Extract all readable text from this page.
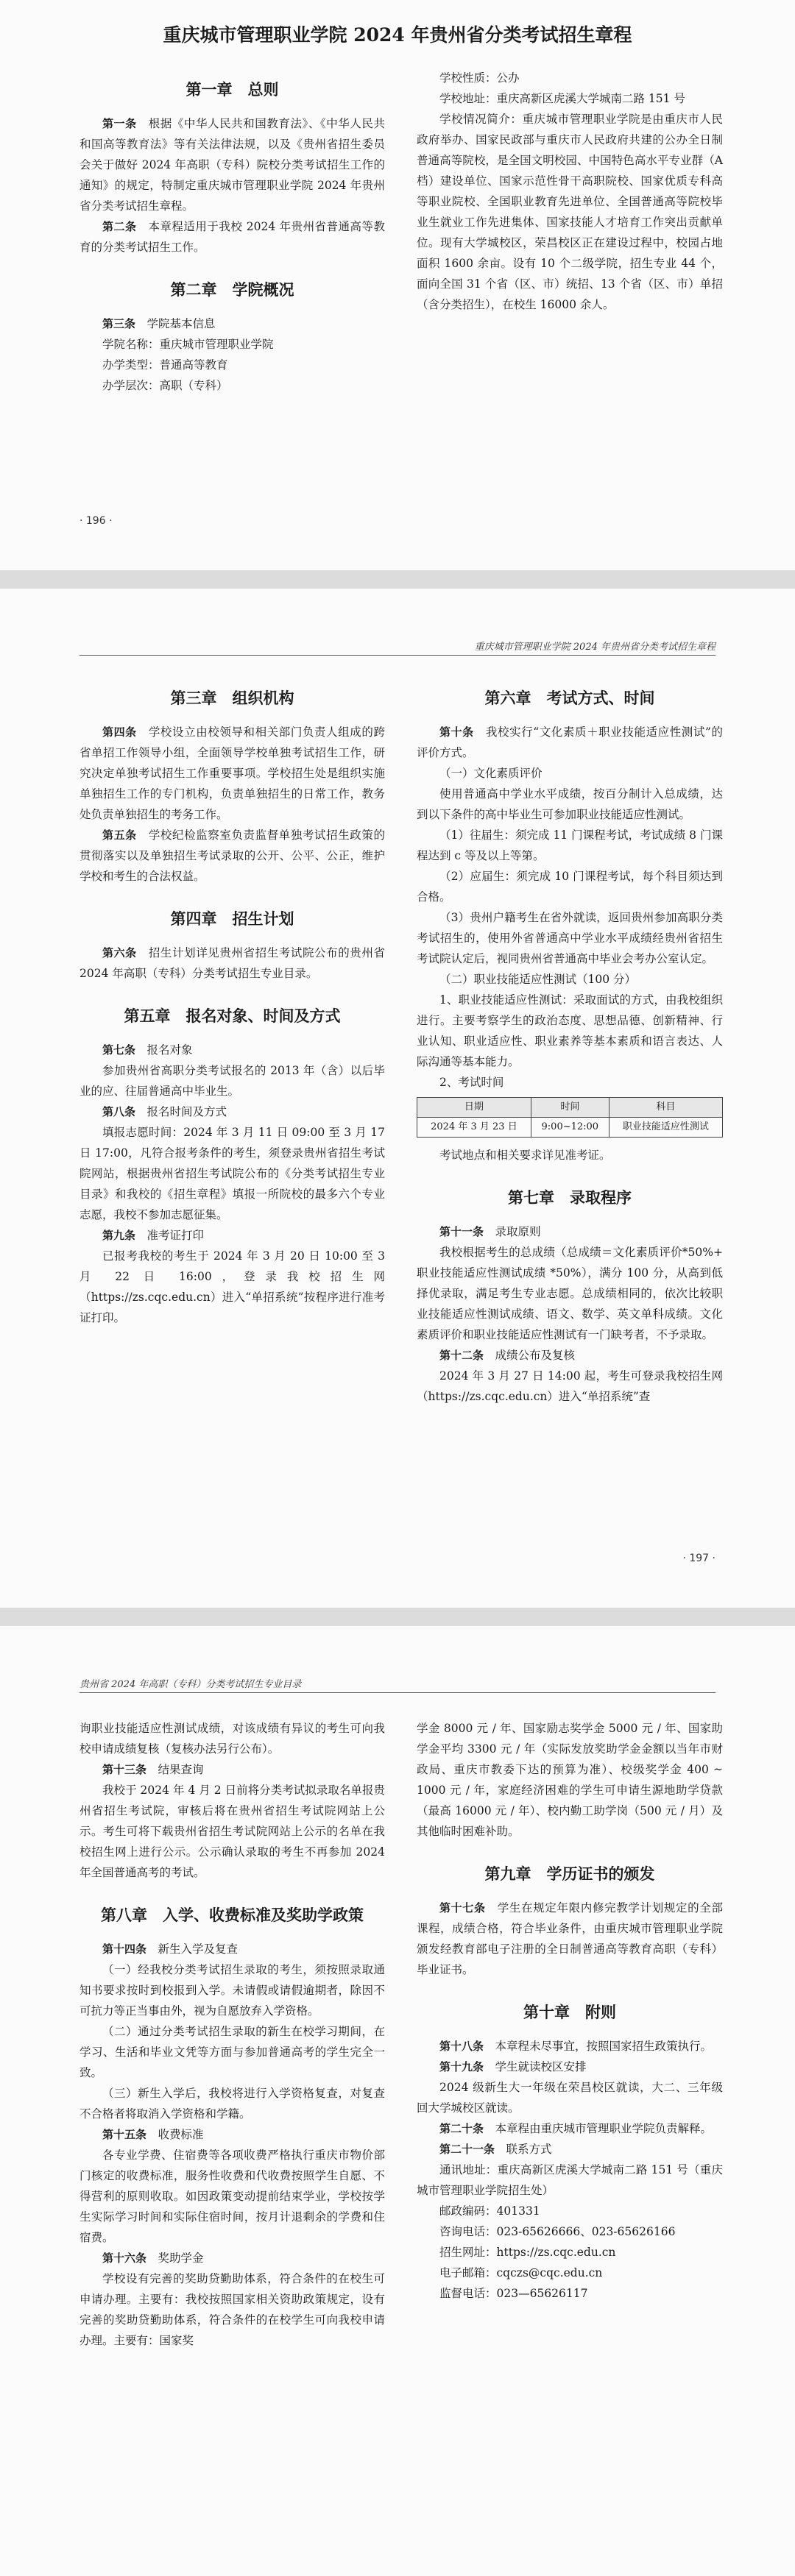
重庆城市管理职业学院 2024 年贵州省分类考试招生章程
第一章　总则

第一条　根据《中华人民共和国教育法》、《中华人民共和国高等教育法》等有关法律法规，以及《贵州省招生委员会关于做好 2024 年高职（专科）院校分类考试招生工作的通知》的规定，特制定重庆城市管理职业学院 2024 年贵州省分类考试招生章程。

第二条　本章程适用于我校 2024 年贵州省普通高等教育的分类考试招生工作。

第二章　学院概况

第三条　学院基本信息

学院名称：重庆城市管理职业学院

办学类型：普通高等教育

办学层次：高职（专科）

学校性质：公办

学校地址：重庆高新区虎溪大学城南二路 151 号

学校情况简介：重庆城市管理职业学院是由重庆市人民政府举办、国家民政部与重庆市人民政府共建的公办全日制普通高等院校，是全国文明校园、中国特色高水平专业群（A 档）建设单位、国家示范性骨干高职院校、国家优质专科高等职业院校、全国职业教育先进单位、全国普通高等院校毕业生就业工作先进集体、国家技能人才培育工作突出贡献单位。现有大学城校区，荣昌校区正在建设过程中，校园占地面积 1600 余亩。设有 10 个二级学院，招生专业 44 个，面向全国 31 个省（区、市）统招、13 个省（区、市）单招（含分类招生），在校生 16000 余人。

· 196 ·
重庆城市管理职业学院 2024 年贵州省分类考试招生章程
第三章　组织机构

第四条　学校设立由校领导和相关部门负责人组成的跨省单招工作领导小组，全面领导学校单独考试招生工作，研究决定单独考试招生工作重要事项。学校招生处是组织实施单独招生工作的专门机构，负责单独招生的日常工作，教务处负责单独招生的考务工作。

第五条　学校纪检监察室负责监督单独考试招生政策的贯彻落实以及单独招生考试录取的公开、公平、公正，维护学校和考生的合法权益。

第四章　招生计划

第六条　招生计划详见贵州省招生考试院公布的贵州省 2024 年高职（专科）分类考试招生专业目录。

第五章　报名对象、时间及方式

第七条　报名对象

参加贵州省高职分类考试报名的 2013 年（含）以后毕业的应、往届普通高中毕业生。

第八条　报名时间及方式

填报志愿时间：2024 年 3 月 11 日 09:00 至 3 月 17 日 17:00，凡符合报考条件的考生，须登录贵州省招生考试院网站，根据贵州省招生考试院公布的《分类考试招生专业目录》和我校的《招生章程》填报一所院校的最多六个专业志愿，我校不参加志愿征集。

第九条　准考证打印

已报考我校的考生于 2024 年 3 月 20 日 10:00 至 3 月 22 日 16:00，登录我校招生网（https://zs.cqc.edu.cn）进入“单招系统”按程序进行准考证打印。

第六章　考试方式、时间

第十条　我校实行“文化素质＋职业技能适应性测试”的评价方式。

（一）文化素质评价

使用普通高中学业水平成绩，按百分制计入总成绩，达到以下条件的高中毕业生可参加职业技能适应性测试。

（1）往届生：须完成 11 门课程考试，考试成绩 8 门课程达到 c 等及以上等第。

（2）应届生：须完成 10 门课程考试，每个科目须达到合格。

（3）贵州户籍考生在省外就读，返回贵州参加高职分类考试招生的，使用外省普通高中学业水平成绩经贵州省招生考试院认定后，视同贵州省普通高中毕业会考办公室认定。

（二）职业技能适应性测试（100 分）

1、职业技能适应性测试：采取面试的方式，由我校组织进行。主要考察学生的政治态度、思想品德、创新精神、行业认知、职业适应性、职业素养等基本素质和语言表达、人际沟通等基本能力。

2、考试时间

日期	时间	科目
2024 年 3 月 23 日	9:00~12:00	职业技能适应性测试

考试地点和相关要求详见准考证。

第七章　录取程序

第十一条　录取原则

我校根据考生的总成绩（总成绩＝文化素质评价*50%+ 职业技能适应性测试成绩 *50%），满分 100 分，从高到低择优录取，满足考生专业志愿。总成绩相同的，依次比较职业技能适应性测试成绩、语文、数学、英文单科成绩。文化素质评价和职业技能适应性测试有一门缺考者，不予录取。

第十二条　成绩公布及复核

2024 年 3 月 27 日 14:00 起，考生可登录我校招生网（https://zs.cqc.edu.cn）进入“单招系统”查

· 197 ·
贵州省 2024 年高职（专科）分类考试招生专业目录

询职业技能适应性测试成绩，对该成绩有异议的考生可向我校申请成绩复核（复核办法另行公布）。

第十三条　结果查询

我校于 2024 年 4 月 2 日前将分类考试拟录取名单报贵州省招生考试院，审核后将在贵州省招生考试院网站上公示。考生可将下载贵州省招生考试院网站上公示的名单在我校招生网上进行公示。公示确认录取的考生不再参加 2024 年全国普通高考的考试。

第八章　入学、收费标准及奖助学政策

第十四条　新生入学及复查

（一）经我校分类考试招生录取的考生，须按照录取通知书要求按时到校报到入学。未请假或请假逾期者，除因不可抗力等正当事由外，视为自愿放弃入学资格。

（二）通过分类考试招生录取的新生在校学习期间，在学习、生活和毕业文凭等方面与参加普通高考的学生完全一致。

（三）新生入学后，我校将进行入学资格复查，对复查不合格者将取消入学资格和学籍。

第十五条　收费标准

各专业学费、住宿费等各项收费严格执行重庆市物价部门核定的收费标准，服务性收费和代收费按照学生自愿、不得营利的原则收取。如因政策变动提前结束学业，学校按学生实际学习时间和实际住宿时间，按月计退剩余的学费和住宿费。

第十六条　奖助学金

学校设有完善的奖助贷勤助体系，符合条件的在校生可申请办理。主要有：我校按照国家相关资助政策规定，设有完善的奖助贷勤助体系，符合条件的在校学生可向我校申请办理。主要有：国家奖

学金 8000 元 / 年、国家励志奖学金 5000 元 / 年、国家助学金平均 3300 元 / 年（实际发放奖助学金金额以当年市财政局、重庆市教委下达的预算为准）、校级奖学金 400 ~ 1000 元 / 年，家庭经济困难的学生可申请生源地助学贷款（最高 16000 元 / 年）、校内勤工助学岗（500 元 / 月）及其他临时困难补助。

第九章　学历证书的颁发

第十七条　学生在规定年限内修完教学计划规定的全部课程，成绩合格，符合毕业条件，由重庆城市管理职业学院颁发经教育部电子注册的全日制普通高等教育高职（专科）毕业证书。

第十章　附则

第十八条　本章程未尽事宜，按照国家招生政策执行。

第十九条　学生就读校区安排

2024 级新生大一年级在荣昌校区就读，大二、三年级回大学城校区就读。

第二十条　本章程由重庆城市管理职业学院负责解释。

第二十一条　联系方式

通讯地址：重庆高新区虎溪大学城南二路 151 号（重庆城市管理职业学院招生处）

邮政编码：401331

咨询电话：023-65626666、023-65626166

招生网址：https://zs.cqc.edu.cn

电子邮箱：cqczs@cqc.edu.cn

监督电话：023—65626117
